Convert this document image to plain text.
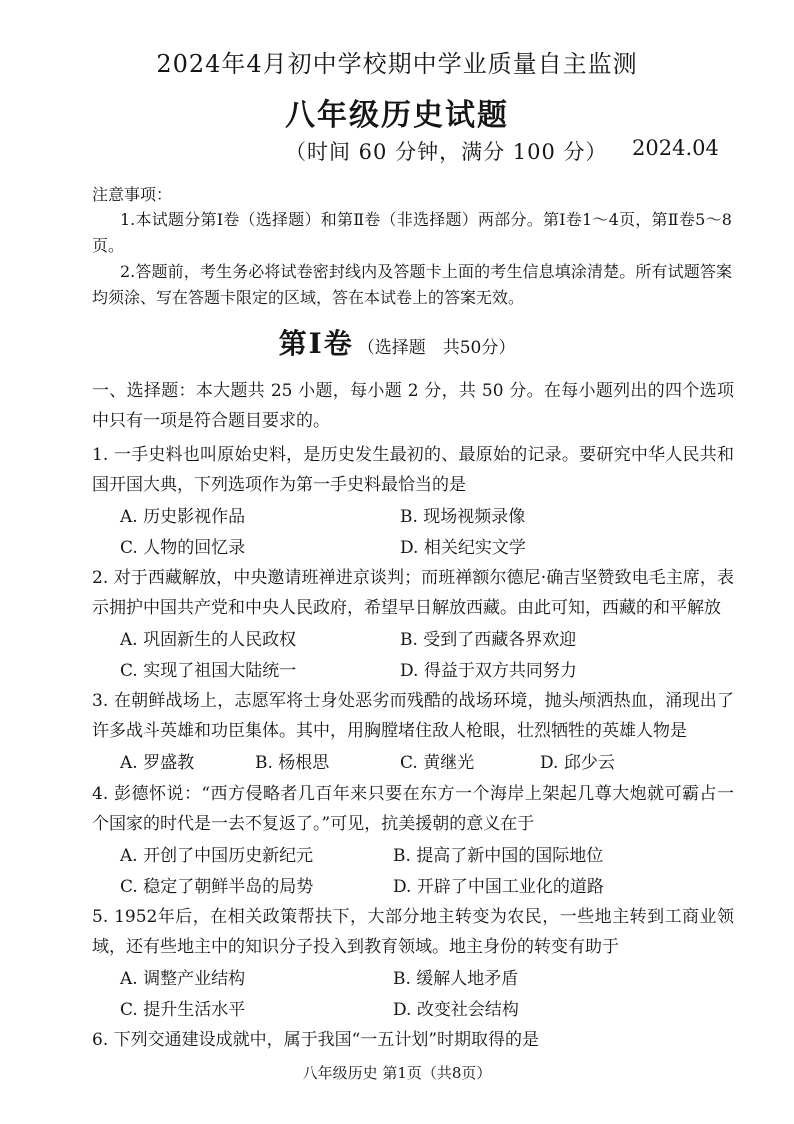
2024年4月初中学校期中学业质量自主监测
八年级历史试题
（时间 60 分钟，满分 100 分） 2024.04
注意事项：
1.本试题分第Ⅰ卷（选择题）和第Ⅱ卷（非选择题）两部分。第Ⅰ卷1～4页，第Ⅱ卷5～8页。
2.答题前，考生务必将试卷密封线内及答题卡上面的考生信息填涂清楚。所有试题答案均须涂、写在答题卡限定的区域，答在本试卷上的答案无效。
第Ⅰ卷 （选择题　共50分）
一、选择题：本大题共 25 小题，每小题 2 分，共 50 分。在每小题列出的四个选项中只有一项是符合题目要求的。
1. 一手史料也叫原始史料，是历史发生最初的、最原始的记录。要研究中华人民共和国开国大典，下列选项作为第一手史料最恰当的是
A. 历史影视作品	B. 现场视频录像
C. 人物的回忆录	D. 相关纪实文学
2. 对于西藏解放，中央邀请班禅进京谈判；而班禅额尔德尼·确吉坚赞致电毛主席，表示拥护中国共产党和中央人民政府，希望早日解放西藏。由此可知，西藏的和平解放
A. 巩固新生的人民政权	B. 受到了西藏各界欢迎
C. 实现了祖国大陆统一	D. 得益于双方共同努力
3. 在朝鲜战场上，志愿军将士身处恶劣而残酷的战场环境，抛头颅洒热血，涌现出了许多战斗英雄和功臣集体。其中，用胸膛堵住敌人枪眼，壮烈牺牲的英雄人物是
A. 罗盛教	B. 杨根思	C. 黄继光	D. 邱少云
4. 彭德怀说：“西方侵略者几百年来只要在东方一个海岸上架起几尊大炮就可霸占一个国家的时代是一去不复返了。”可见，抗美援朝的意义在于
A. 开创了中国历史新纪元	B. 提高了新中国的国际地位
C. 稳定了朝鲜半岛的局势	D. 开辟了中国工业化的道路
5. 1952年后，在相关政策帮扶下，大部分地主转变为农民，一些地主转到工商业领域，还有些地主中的知识分子投入到教育领域。地主身份的转变有助于
A. 调整产业结构	B. 缓解人地矛盾
C. 提升生活水平	D. 改变社会结构
6. 下列交通建设成就中，属于我国“一五计划”时期取得的是
八年级历史 第1页（共8页）
